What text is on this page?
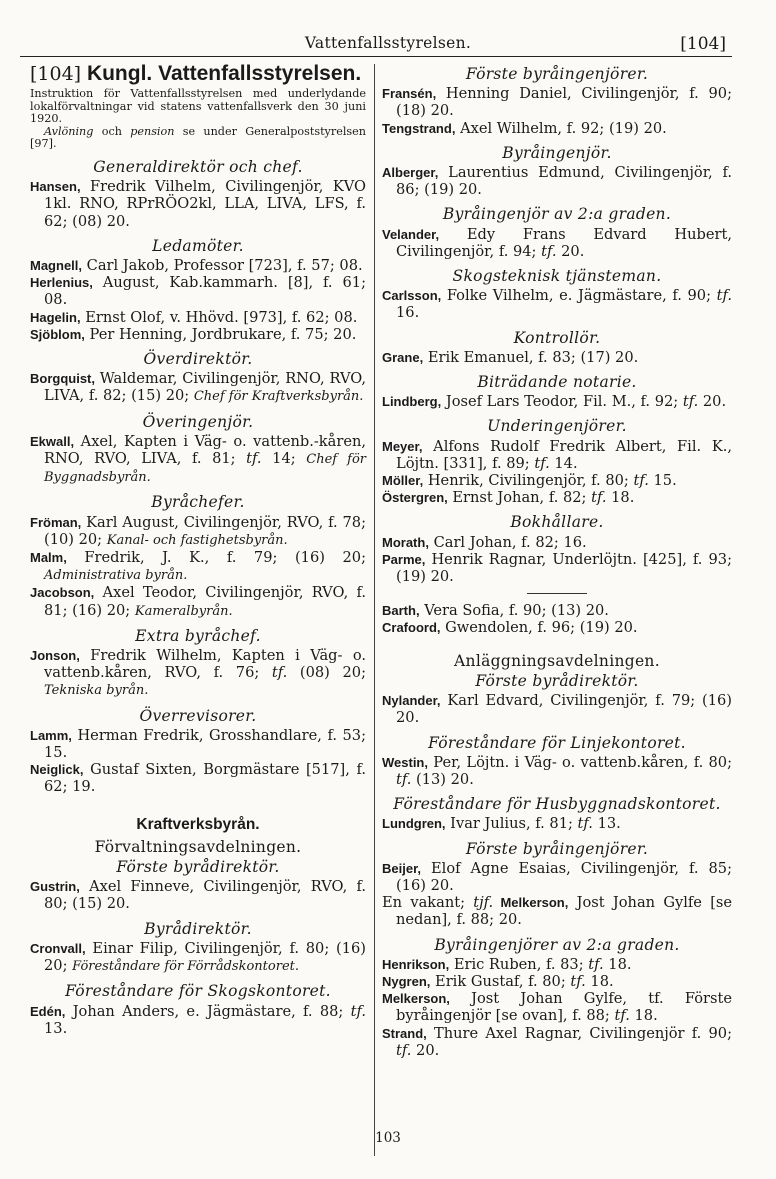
Vattenfallsstyrelsen.	[104]

[104] Kungl. Vattenfallsstyrelsen.

Instruktion för Vattenfallsstyrelsen med underlydande lokalförvaltningar vid statens vattenfallsverk den 30 juni 1920.

Avlöning och pension se under Generalpoststyrelsen [97].

Generaldirektör och chef.

Hansen, Fredrik Vilhelm, Civilingenjör, KVO 1kl. RNO, RPrRÖO2kl, LLA, LIVA, LFS, f. 62; (08) 20.

Ledamöter.

Magnell, Carl Jakob, Professor [723], f. 57; 08.

Herlenius, August, Kab.kammarh. [8], f. 61; 08.

Hagelin, Ernst Olof, v. Hhövd. [973], f. 62; 08.

Sjöblom, Per Henning, Jordbrukare, f. 75; 20.

Överdirektör.

Borgquist, Waldemar, Civilingenjör, RNO, RVO, LIVA, f. 82; (15) 20; Chef för Kraftverksbyrån.

Överingenjör.

Ekwall, Axel, Kapten i Väg- o. vattenb.-kåren, RNO, RVO, LIVA, f. 81; tf. 14; Chef för Byggnadsbyrån.

Byråchefer.

Fröman, Karl August, Civilingenjör, RVO, f. 78; (10) 20; Kanal- och fastighetsbyrån.

Malm, Fredrik, J. K., f. 79; (16) 20; Administrativa byrån.

Jacobson, Axel Teodor, Civilingenjör, RVO, f. 81; (16) 20; Kameralbyrån.

Extra byråchef.

Jonson, Fredrik Wilhelm, Kapten i Väg- o. vattenb.kåren, RVO, f. 76; tf. (08) 20; Tekniska byrån.

Överrevisorer.

Lamm, Herman Fredrik, Grosshandlare, f. 53; 15.

Neiglick, Gustaf Sixten, Borgmästare [517], f. 62; 19.

Kraftverksbyrån.
Förvaltningsavdelningen.
Förste byrådirektör.

Gustrin, Axel Finneve, Civilingenjör, RVO, f. 80; (15) 20.

Byrådirektör.

Cronvall, Einar Filip, Civilingenjör, f. 80; (16) 20; Föreståndare för Förrådskontoret.

Föreståndare för Skogskontoret.

Edén, Johan Anders, e. Jägmästare, f. 88; tf. 13.

Förste byråingenjörer.

Fransén, Henning Daniel, Civilingenjör, f. 90; (18) 20.

Tengstrand, Axel Wilhelm, f. 92; (19) 20.

Byråingenjör.

Alberger, Laurentius Edmund, Civilingenjör, f. 86; (19) 20.

Byråingenjör av 2:a graden.

Velander, Edy Frans Edvard Hubert, Civilingenjör, f. 94; tf. 20.

Skogsteknisk tjänsteman.

Carlsson, Folke Vilhelm, e. Jägmästare, f. 90; tf. 16.

Kontrollör.

Grane, Erik Emanuel, f. 83; (17) 20.

Biträdande notarie.

Lindberg, Josef Lars Teodor, Fil. M., f. 92; tf. 20.

Underingenjörer.

Meyer, Alfons Rudolf Fredrik Albert, Fil. K., Löjtn. [331], f. 89; tf. 14.

Möller, Henrik, Civilingenjör, f. 80; tf. 15.

Östergren, Ernst Johan, f. 82; tf. 18.

Bokhållare.

Morath, Carl Johan, f. 82; 16.

Parme, Henrik Ragnar, Underlöjtn. [425], f. 93; (19) 20.

Barth, Vera Sofia, f. 90; (13) 20.

Crafoord, Gwendolen, f. 96; (19) 20.

Anläggningsavdelningen.
Förste byrådirektör.

Nylander, Karl Edvard, Civilingenjör, f. 79; (16) 20.

Föreståndare för Linjekontoret.

Westin, Per, Löjtn. i Väg- o. vattenb.kåren, f. 80; tf. (13) 20.

Föreståndare för Husbyggnadskontoret.

Lundgren, Ivar Julius, f. 81; tf. 13.

Förste byråingenjörer.

Beijer, Elof Agne Esaias, Civilingenjör, f. 85; (16) 20.

En vakant; tjf. Melkerson, Jost Johan Gylfe [se nedan], f. 88; 20.

Byråingenjörer av 2:a graden.

Henrikson, Eric Ruben, f. 83; tf. 18.

Nygren, Erik Gustaf, f. 80; tf. 18.

Melkerson, Jost Johan Gylfe, tf. Förste byråingenjör [se ovan], f. 88; tf. 18.

Strand, Thure Axel Ragnar, Civilingenjör f. 90; tf. 20.

103
